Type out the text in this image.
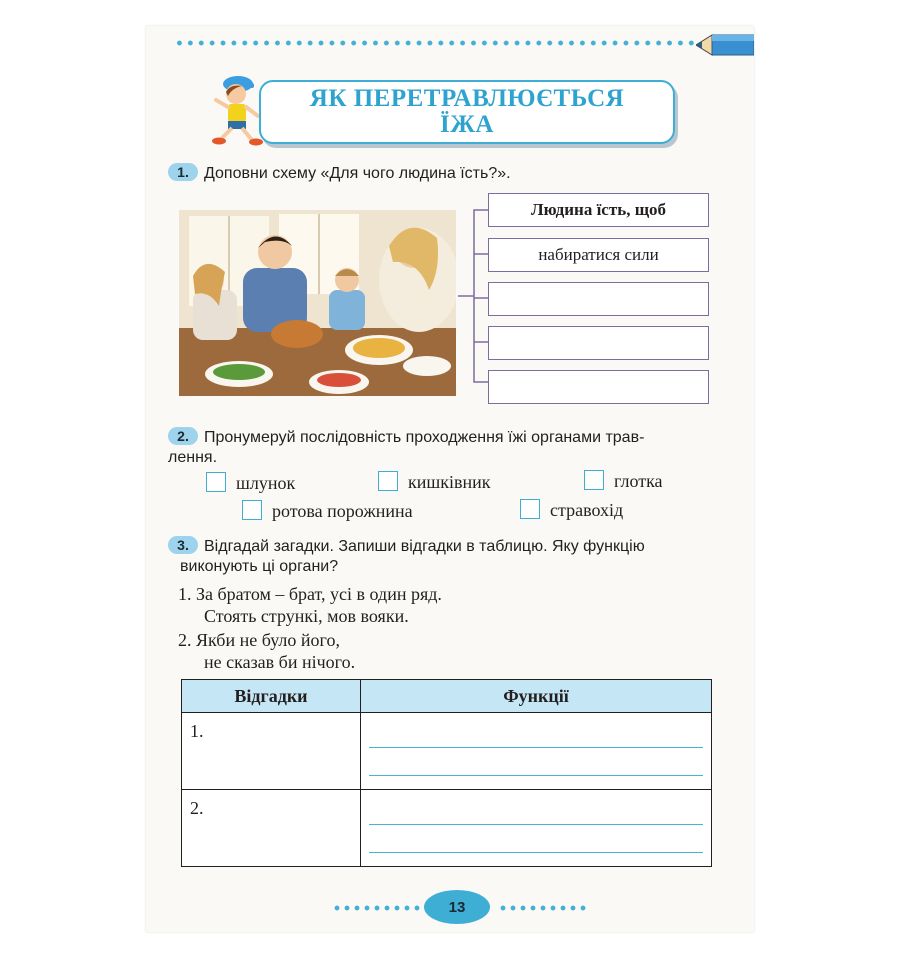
ЯК ПЕРЕТРАВЛЮЄТЬСЯ
ЇЖА
1. Доповни схему «Для чого людина їсть?».
Людина їсть, щоб
набиратися сили
2. Пронумеруй послідовність проходження їжі органами трав-
лення.
шлунок	кишківник	глотка
ротова порожнина	стравохід
3. Відгадай загадки. Запиши відгадки в таблицю. Яку функцію
виконують ці органи?
1. За братом – брат, усі в один ряд.
Стоять стрункі, мов вояки.
2. Якби не було його,
не сказав би нічого.
Відгадки	Функції

1.	

2.	

13
